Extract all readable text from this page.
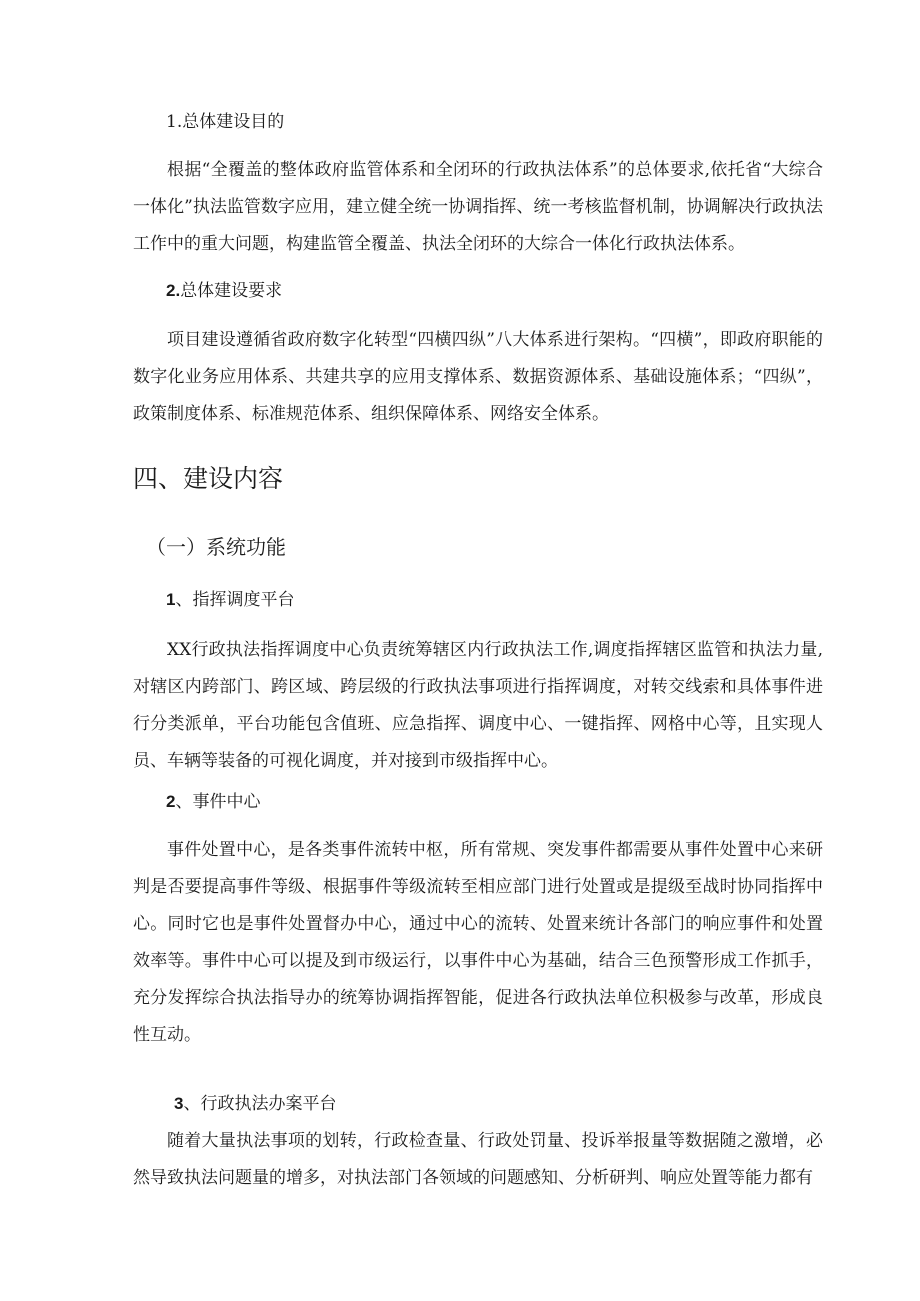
1.总体建设目的

根据“全覆盖的整体政府监管体系和全闭环的行政执法体系”的总体要求,依托省“大综合一体化”执法监管数字应用，建立健全统一协调指挥、统一考核监督机制，协调解决行政执法工作中的重大问题，构建监管全覆盖、执法全闭环的大综合一体化行政执法体系。

2.总体建设要求

项目建设遵循省政府数字化转型“四横四纵”八大体系进行架构。“四横”，即政府职能的数字化业务应用体系、共建共享的应用支撑体系、数据资源体系、基础设施体系；“四纵”，政策制度体系、标准规范体系、组织保障体系、网络安全体系。

四、建设内容
（一）系统功能
1、指挥调度平台

XX行政执法指挥调度中心负责统筹辖区内行政执法工作,调度指挥辖区监管和执法力量,对辖区内跨部门、跨区域、跨层级的行政执法事项进行指挥调度，对转交线索和具体事件进行分类派单，平台功能包含值班、应急指挥、调度中心、一键指挥、网格中心等，且实现人员、车辆等装备的可视化调度，并对接到市级指挥中心。

2、事件中心

事件处置中心，是各类事件流转中枢，所有常规、突发事件都需要从事件处置中心来研判是否要提高事件等级、根据事件等级流转至相应部门进行处置或是提级至战时协同指挥中心。同时它也是事件处置督办中心，通过中心的流转、处置来统计各部门的响应事件和处置效率等。事件中心可以提及到市级运行，以事件中心为基础，结合三色预警形成工作抓手，充分发挥综合执法指导办的统筹协调指挥智能，促进各行政执法单位积极参与改革，形成良性互动。

3、行政执法办案平台

随着大量执法事项的划转，行政检查量、行政处罚量、投诉举报量等数据随之激增，必然导致执法问题量的增多，对执法部门各领域的问题感知、分析研判、响应处置等能力都有
